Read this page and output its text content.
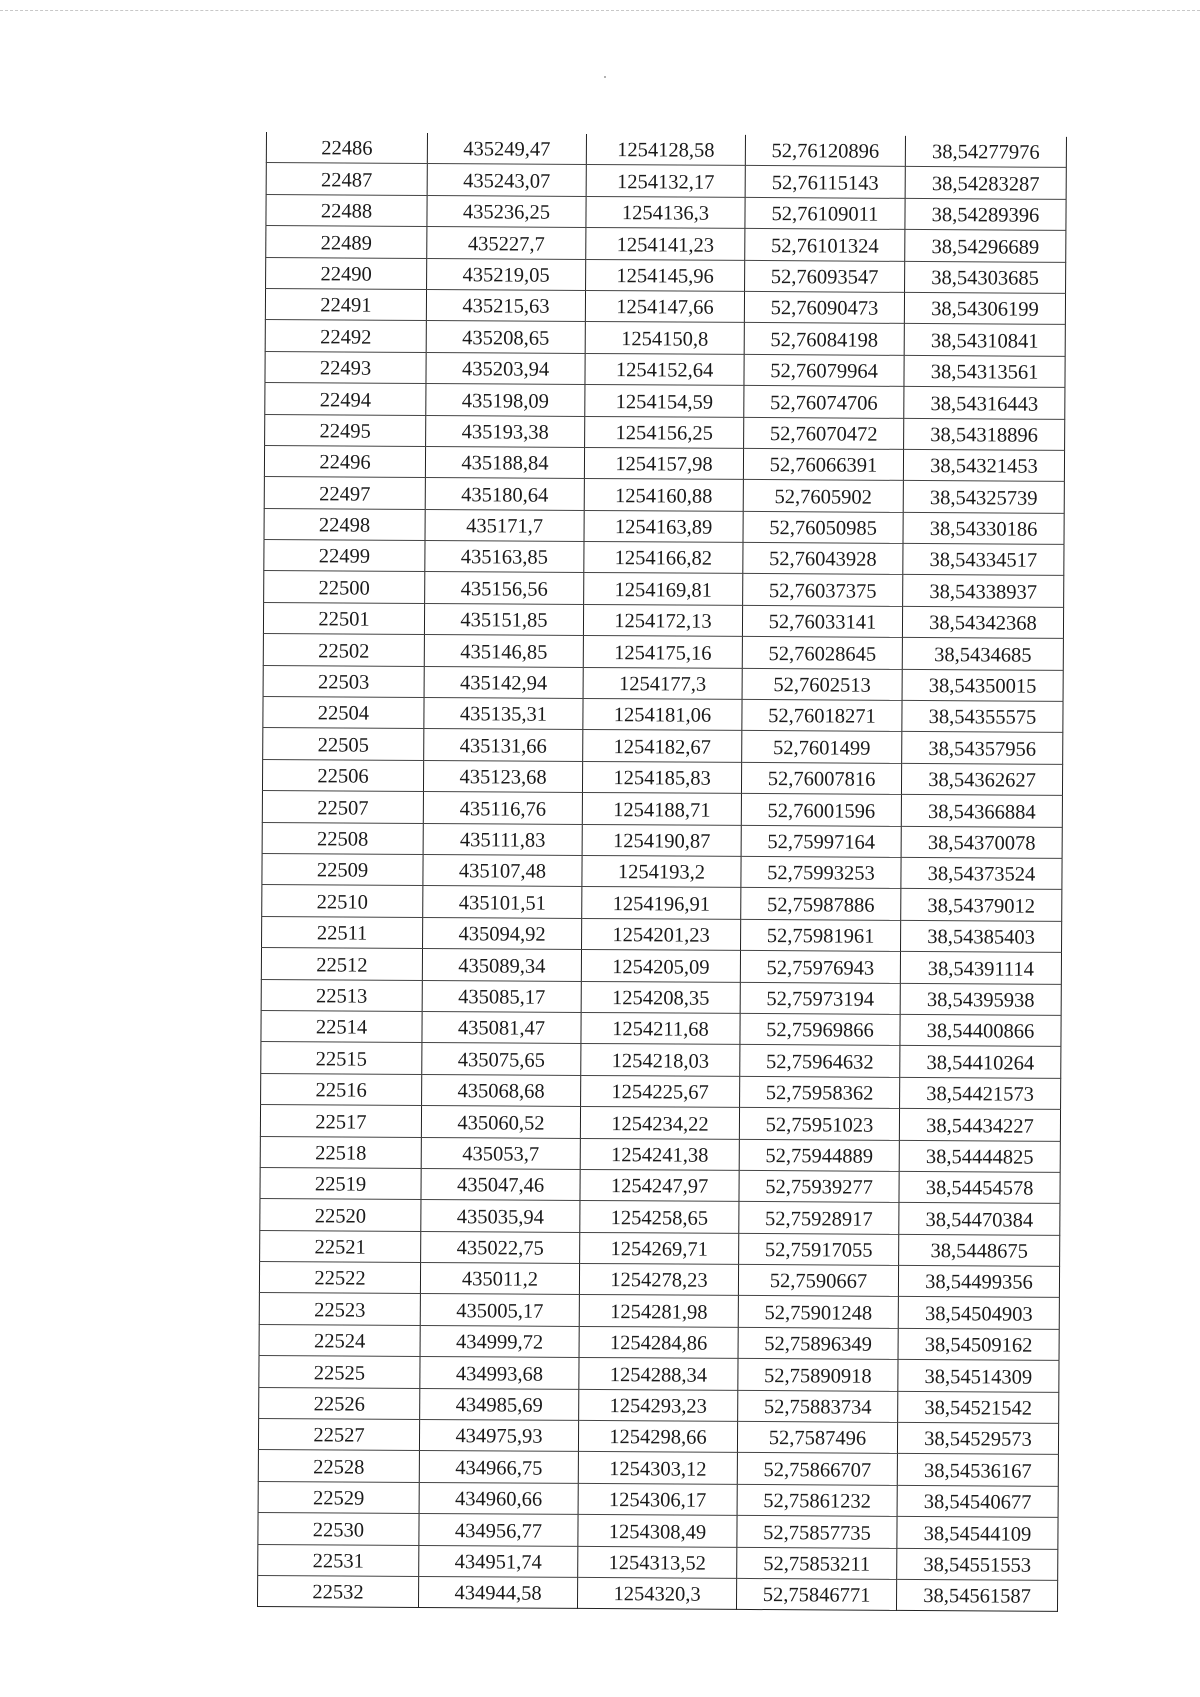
22486	435249,47	1254128,58	52,76120896	38,54277976
22487	435243,07	1254132,17	52,76115143	38,54283287
22488	435236,25	1254136,3	52,76109011	38,54289396
22489	435227,7	1254141,23	52,76101324	38,54296689
22490	435219,05	1254145,96	52,76093547	38,54303685
22491	435215,63	1254147,66	52,76090473	38,54306199
22492	435208,65	1254150,8	52,76084198	38,54310841
22493	435203,94	1254152,64	52,76079964	38,54313561
22494	435198,09	1254154,59	52,76074706	38,54316443
22495	435193,38	1254156,25	52,76070472	38,54318896
22496	435188,84	1254157,98	52,76066391	38,54321453
22497	435180,64	1254160,88	52,7605902	38,54325739
22498	435171,7	1254163,89	52,76050985	38,54330186
22499	435163,85	1254166,82	52,76043928	38,54334517
22500	435156,56	1254169,81	52,76037375	38,54338937
22501	435151,85	1254172,13	52,76033141	38,54342368
22502	435146,85	1254175,16	52,76028645	38,5434685
22503	435142,94	1254177,3	52,7602513	38,54350015
22504	435135,31	1254181,06	52,76018271	38,54355575
22505	435131,66	1254182,67	52,7601499	38,54357956
22506	435123,68	1254185,83	52,76007816	38,54362627
22507	435116,76	1254188,71	52,76001596	38,54366884
22508	435111,83	1254190,87	52,75997164	38,54370078
22509	435107,48	1254193,2	52,75993253	38,54373524
22510	435101,51	1254196,91	52,75987886	38,54379012
22511	435094,92	1254201,23	52,75981961	38,54385403
22512	435089,34	1254205,09	52,75976943	38,54391114
22513	435085,17	1254208,35	52,75973194	38,54395938
22514	435081,47	1254211,68	52,75969866	38,54400866
22515	435075,65	1254218,03	52,75964632	38,54410264
22516	435068,68	1254225,67	52,75958362	38,54421573
22517	435060,52	1254234,22	52,75951023	38,54434227
22518	435053,7	1254241,38	52,75944889	38,54444825
22519	435047,46	1254247,97	52,75939277	38,54454578
22520	435035,94	1254258,65	52,75928917	38,54470384
22521	435022,75	1254269,71	52,75917055	38,5448675
22522	435011,2	1254278,23	52,7590667	38,54499356
22523	435005,17	1254281,98	52,75901248	38,54504903
22524	434999,72	1254284,86	52,75896349	38,54509162
22525	434993,68	1254288,34	52,75890918	38,54514309
22526	434985,69	1254293,23	52,75883734	38,54521542
22527	434975,93	1254298,66	52,7587496	38,54529573
22528	434966,75	1254303,12	52,75866707	38,54536167
22529	434960,66	1254306,17	52,75861232	38,54540677
22530	434956,77	1254308,49	52,75857735	38,54544109
22531	434951,74	1254313,52	52,75853211	38,54551553
22532	434944,58	1254320,3	52,75846771	38,54561587
